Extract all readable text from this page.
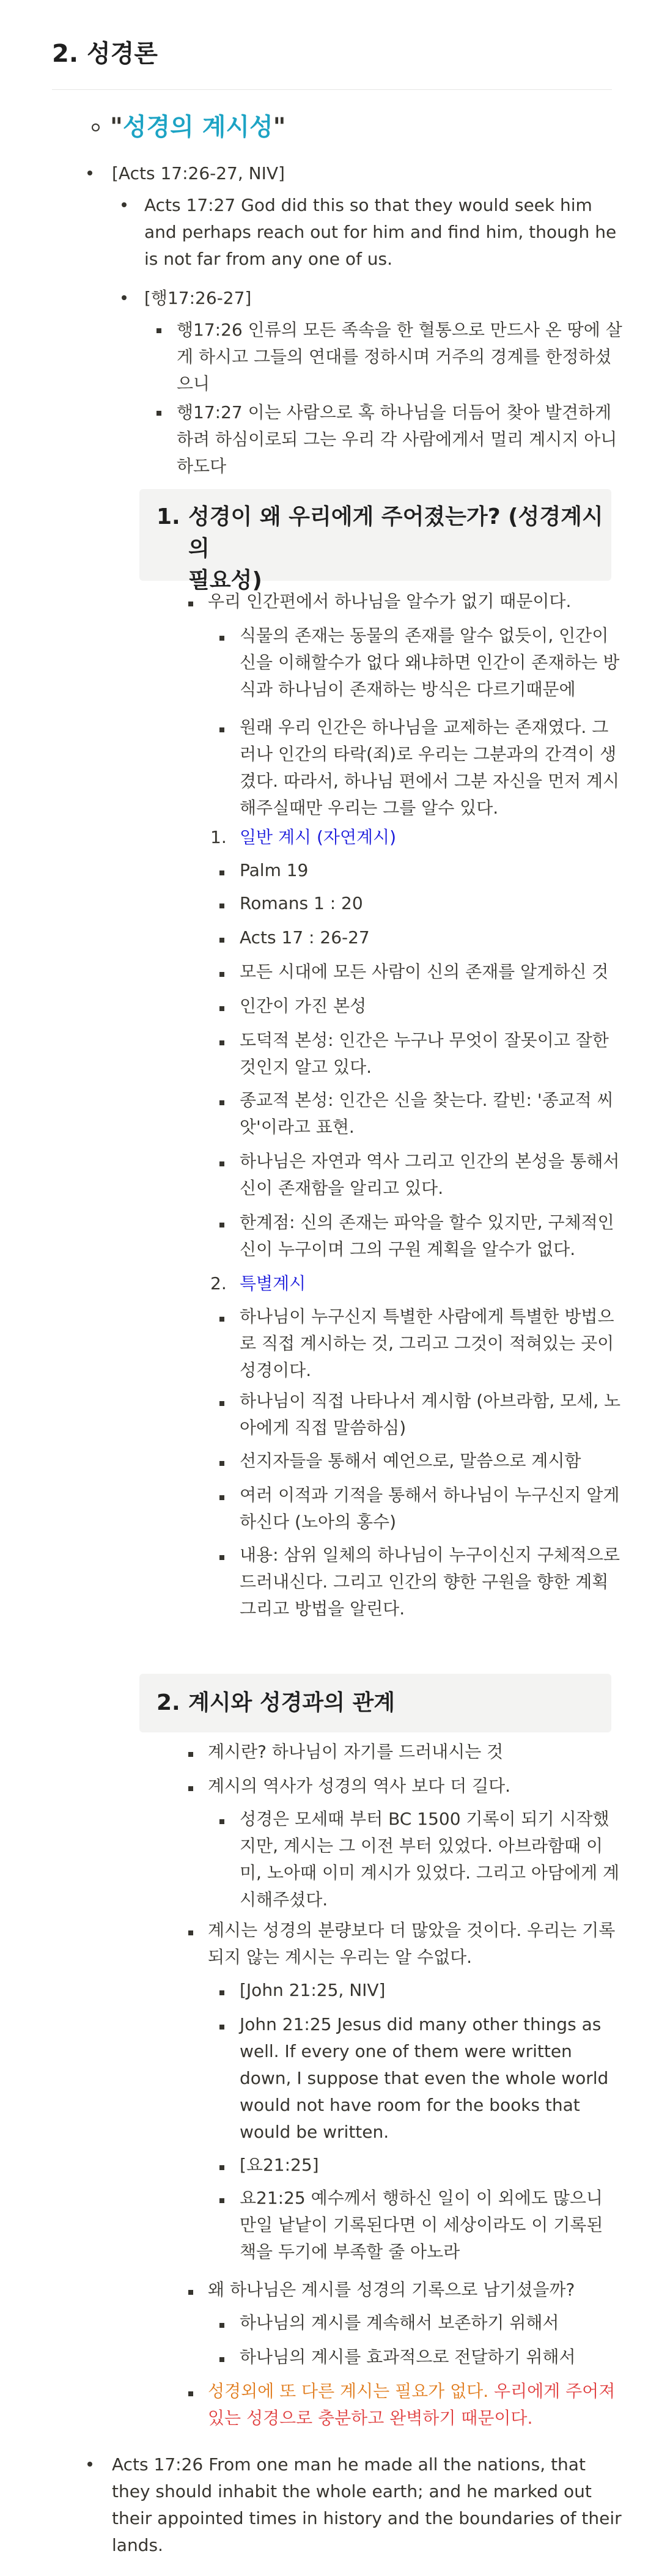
2. 성경론
"성경의 계시성"
[Acts 17:26-27, NIV]
Acts 17:27 God did this so that they would seek him
and perhaps reach out for him and find him, though he
is not far from any one of us.
[행17:26-27]
행17:26 인류의 모든 족속을 한 혈통으로 만드사 온 땅에 살
게 하시고 그들의 연대를 정하시며 거주의 경계를 한정하셨
으니
행17:27 이는 사람으로 혹 하나님을 더듬어 찾아 발견하게
하려 하심이로되 그는 우리 각 사람에게서 멀리 계시지 아니
하도다
1. 성경이 왜 우리에게 주어졌는가? (성경계시의
필요성)
우리 인간편에서 하나님을 알수가 없기 때문이다.
식물의 존재는 동물의 존재를 알수 없듯이, 인간이
신을 이해할수가 없다 왜냐하면 인간이 존재하는 방
식과 하나님이 존재하는 방식은 다르기때문에
원래 우리 인간은 하나님을 교제하는 존재였다. 그
러나 인간의 타락(죄)로 우리는 그분과의 간격이 생
겼다. 따라서, 하나님 편에서 그분 자신을 먼저 계시
해주실때만 우리는 그를 알수 있다.
1. 일반 계시 (자연계시)
Palm 19
Romans 1 : 20
Acts 17 : 26-27
모든 시대에 모든 사람이 신의 존재를 알게하신 것
인간이 가진 본성
도덕적 본성: 인간은 누구나 무엇이 잘못이고 잘한
것인지 알고 있다.
종교적 본성: 인간은 신을 찾는다. 칼빈: '종교적 씨
앗'이라고 표현.
하나님은 자연과 역사 그리고 인간의 본성을 통해서
신이 존재함을 알리고 있다.
한계점: 신의 존재는 파악을 할수 있지만, 구체적인
신이 누구이며 그의 구원 계획을 알수가 없다.
2. 특별계시
하나님이 누구신지 특별한 사람에게 특별한 방법으
로 직접 계시하는 것, 그리고 그것이 적혀있는 곳이
성경이다.
하나님이 직접 나타나서 계시함 (아브라함, 모세, 노
아에게 직접 말씀하심)
선지자들을 통해서 예언으로, 말씀으로 계시함
여러 이적과 기적을 통해서 하나님이 누구신지 알게
하신다 (노아의 홍수)
내용: 삼위 일체의 하나님이 누구이신지 구체적으로
드러내신다. 그리고 인간의 향한 구원을 향한 계획
그리고 방법을 알린다.
2. 계시와 성경과의 관계
계시란? 하나님이 자기를 드러내시는 것
계시의 역사가 성경의 역사 보다 더 길다.
성경은 모세때 부터 BC 1500 기록이 되기 시작했
지만, 계시는 그 이전 부터 있었다. 아브라함때 이
미, 노아때 이미 계시가 있었다. 그리고 아담에게 계
시해주셨다.
계시는 성경의 분량보다 더 많았을 것이다. 우리는 기록
되지 않는 계시는 우리는 알 수없다.
[John 21:25, NIV]
John 21:25 Jesus did many other things as
well. If every one of them were written
down, I suppose that even the whole world
would not have room for the books that
would be written.
[요21:25]
요21:25 예수께서 행하신 일이 이 외에도 많으니
만일 낱낱이 기록된다면 이 세상이라도 이 기록된
책을 두기에 부족할 줄 아노라
왜 하나님은 계시를 성경의 기록으로 남기셨을까?
하나님의 계시를 계속해서 보존하기 위해서
하나님의 계시를 효과적으로 전달하기 위해서
성경외에 또 다른 계시는 필요가 없다. 우리에게 주어져
있는 성경으로 충분하고 완벽하기 때문이다.
Acts 17:26 From one man he made all the nations, that
they should inhabit the whole earth; and he marked out
their appointed times in history and the boundaries of their
lands.
